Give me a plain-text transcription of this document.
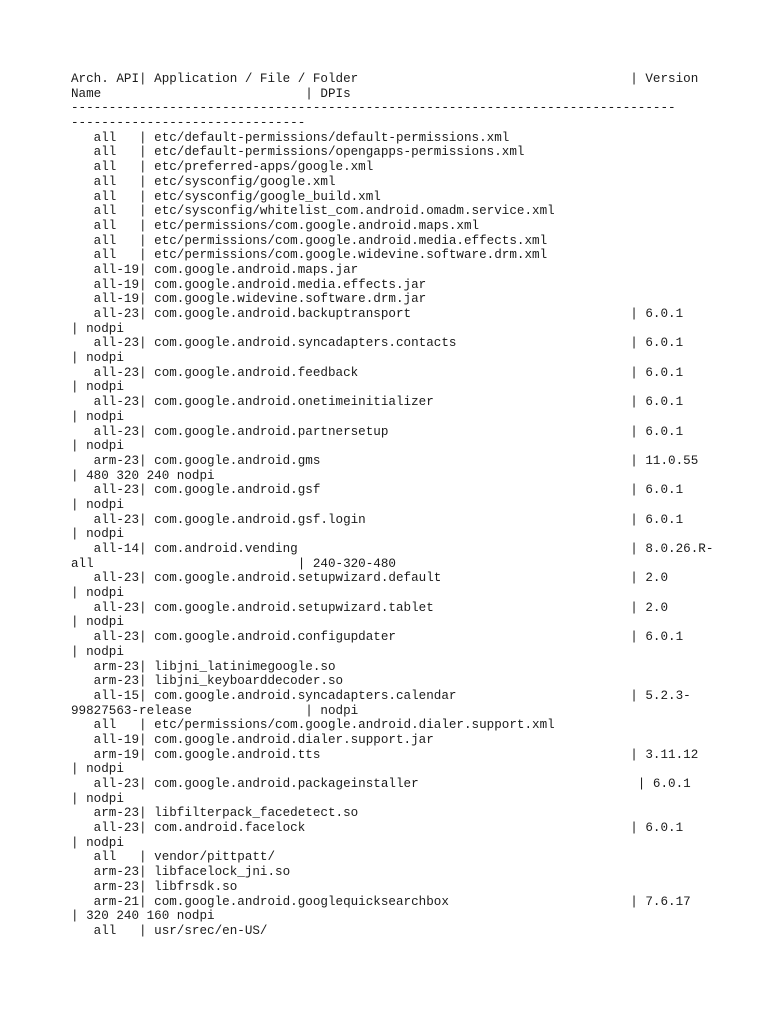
Arch. API| Application / File / Folder                                    | Version
Name                           | DPIs
--------------------------------------------------------------------------------
-------------------------------
all   | etc/default-permissions/default-permissions.xml
all   | etc/default-permissions/opengapps-permissions.xml
all   | etc/preferred-apps/google.xml
all   | etc/sysconfig/google.xml
all   | etc/sysconfig/google_build.xml
all   | etc/sysconfig/whitelist_com.android.omadm.service.xml
all   | etc/permissions/com.google.android.maps.xml
all   | etc/permissions/com.google.android.media.effects.xml
all   | etc/permissions/com.google.widevine.software.drm.xml
all-19| com.google.android.maps.jar
all-19| com.google.android.media.effects.jar
all-19| com.google.widevine.software.drm.jar
all-23| com.google.android.backuptransport                             | 6.0.1
| nodpi
all-23| com.google.android.syncadapters.contacts                       | 6.0.1
| nodpi
all-23| com.google.android.feedback                                    | 6.0.1
| nodpi
all-23| com.google.android.onetimeinitializer                          | 6.0.1
| nodpi
all-23| com.google.android.partnersetup                                | 6.0.1
| nodpi
arm-23| com.google.android.gms                                         | 11.0.55
| 480 320 240 nodpi
all-23| com.google.android.gsf                                         | 6.0.1
| nodpi
all-23| com.google.android.gsf.login                                   | 6.0.1
| nodpi
all-14| com.android.vending                                            | 8.0.26.R-
all                           | 240-320-480
all-23| com.google.android.setupwizard.default                         | 2.0
| nodpi
all-23| com.google.android.setupwizard.tablet                          | 2.0
| nodpi
all-23| com.google.android.configupdater                               | 6.0.1
| nodpi
arm-23| libjni_latinimegoogle.so
arm-23| libjni_keyboarddecoder.so
all-15| com.google.android.syncadapters.calendar                       | 5.2.3-
99827563-release               | nodpi
all   | etc/permissions/com.google.android.dialer.support.xml
all-19| com.google.android.dialer.support.jar
arm-19| com.google.android.tts                                         | 3.11.12
| nodpi
all-23| com.google.android.packageinstaller                             | 6.0.1
| nodpi
arm-23| libfilterpack_facedetect.so
all-23| com.android.facelock                                           | 6.0.1
| nodpi
all   | vendor/pittpatt/
arm-23| libfacelock_jni.so
arm-23| libfrsdk.so
arm-21| com.google.android.googlequicksearchbox                        | 7.6.17
| 320 240 160 nodpi
all   | usr/srec/en-US/
